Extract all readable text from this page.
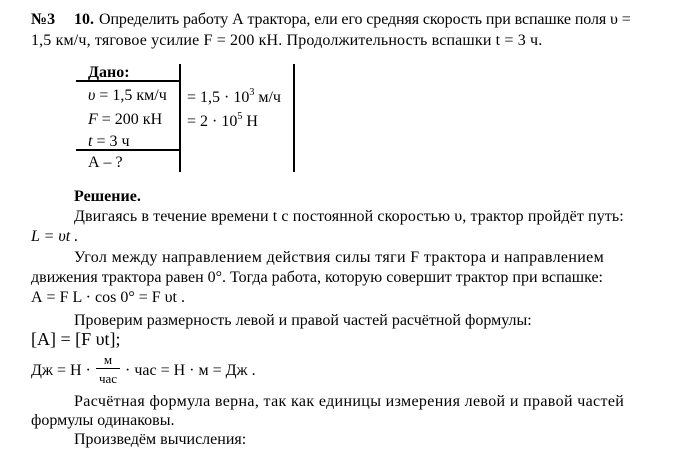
№3 10. Определить работу А трактора, ели его средняя скорость при вспашке поля υ =
1,5 км/ч, тяговое усилие F = 200 кН. Продолжительность вспашки t = 3 ч.
Дано:
υ = 1,5 км/ч
F = 200 кН
t = 3 ч
А – ?
= $1,5 \cdot 10^3$ м/ч
= $2 \cdot 10^5$ Н
Решение.
Двигаясь в течение времени t с постоянной скоростью υ, трактор пройдёт путь:
L = υt .
Угол между направлением действия силы тяги F трактора и направлением
движения трактора равен 0°. Тогда работа, которую совершит трактор при вспашке:
А = F L · cos 0° = F υt .
Проверим размерность левой и правой частей расчётной формулы:
[A] = [F υt];
Дж = Н ·
м
час · час = Н · м = Дж .
Расчётная формула верна, так как единицы измерения левой и правой частей
формулы одинаковы.
Произведём вычисления:
